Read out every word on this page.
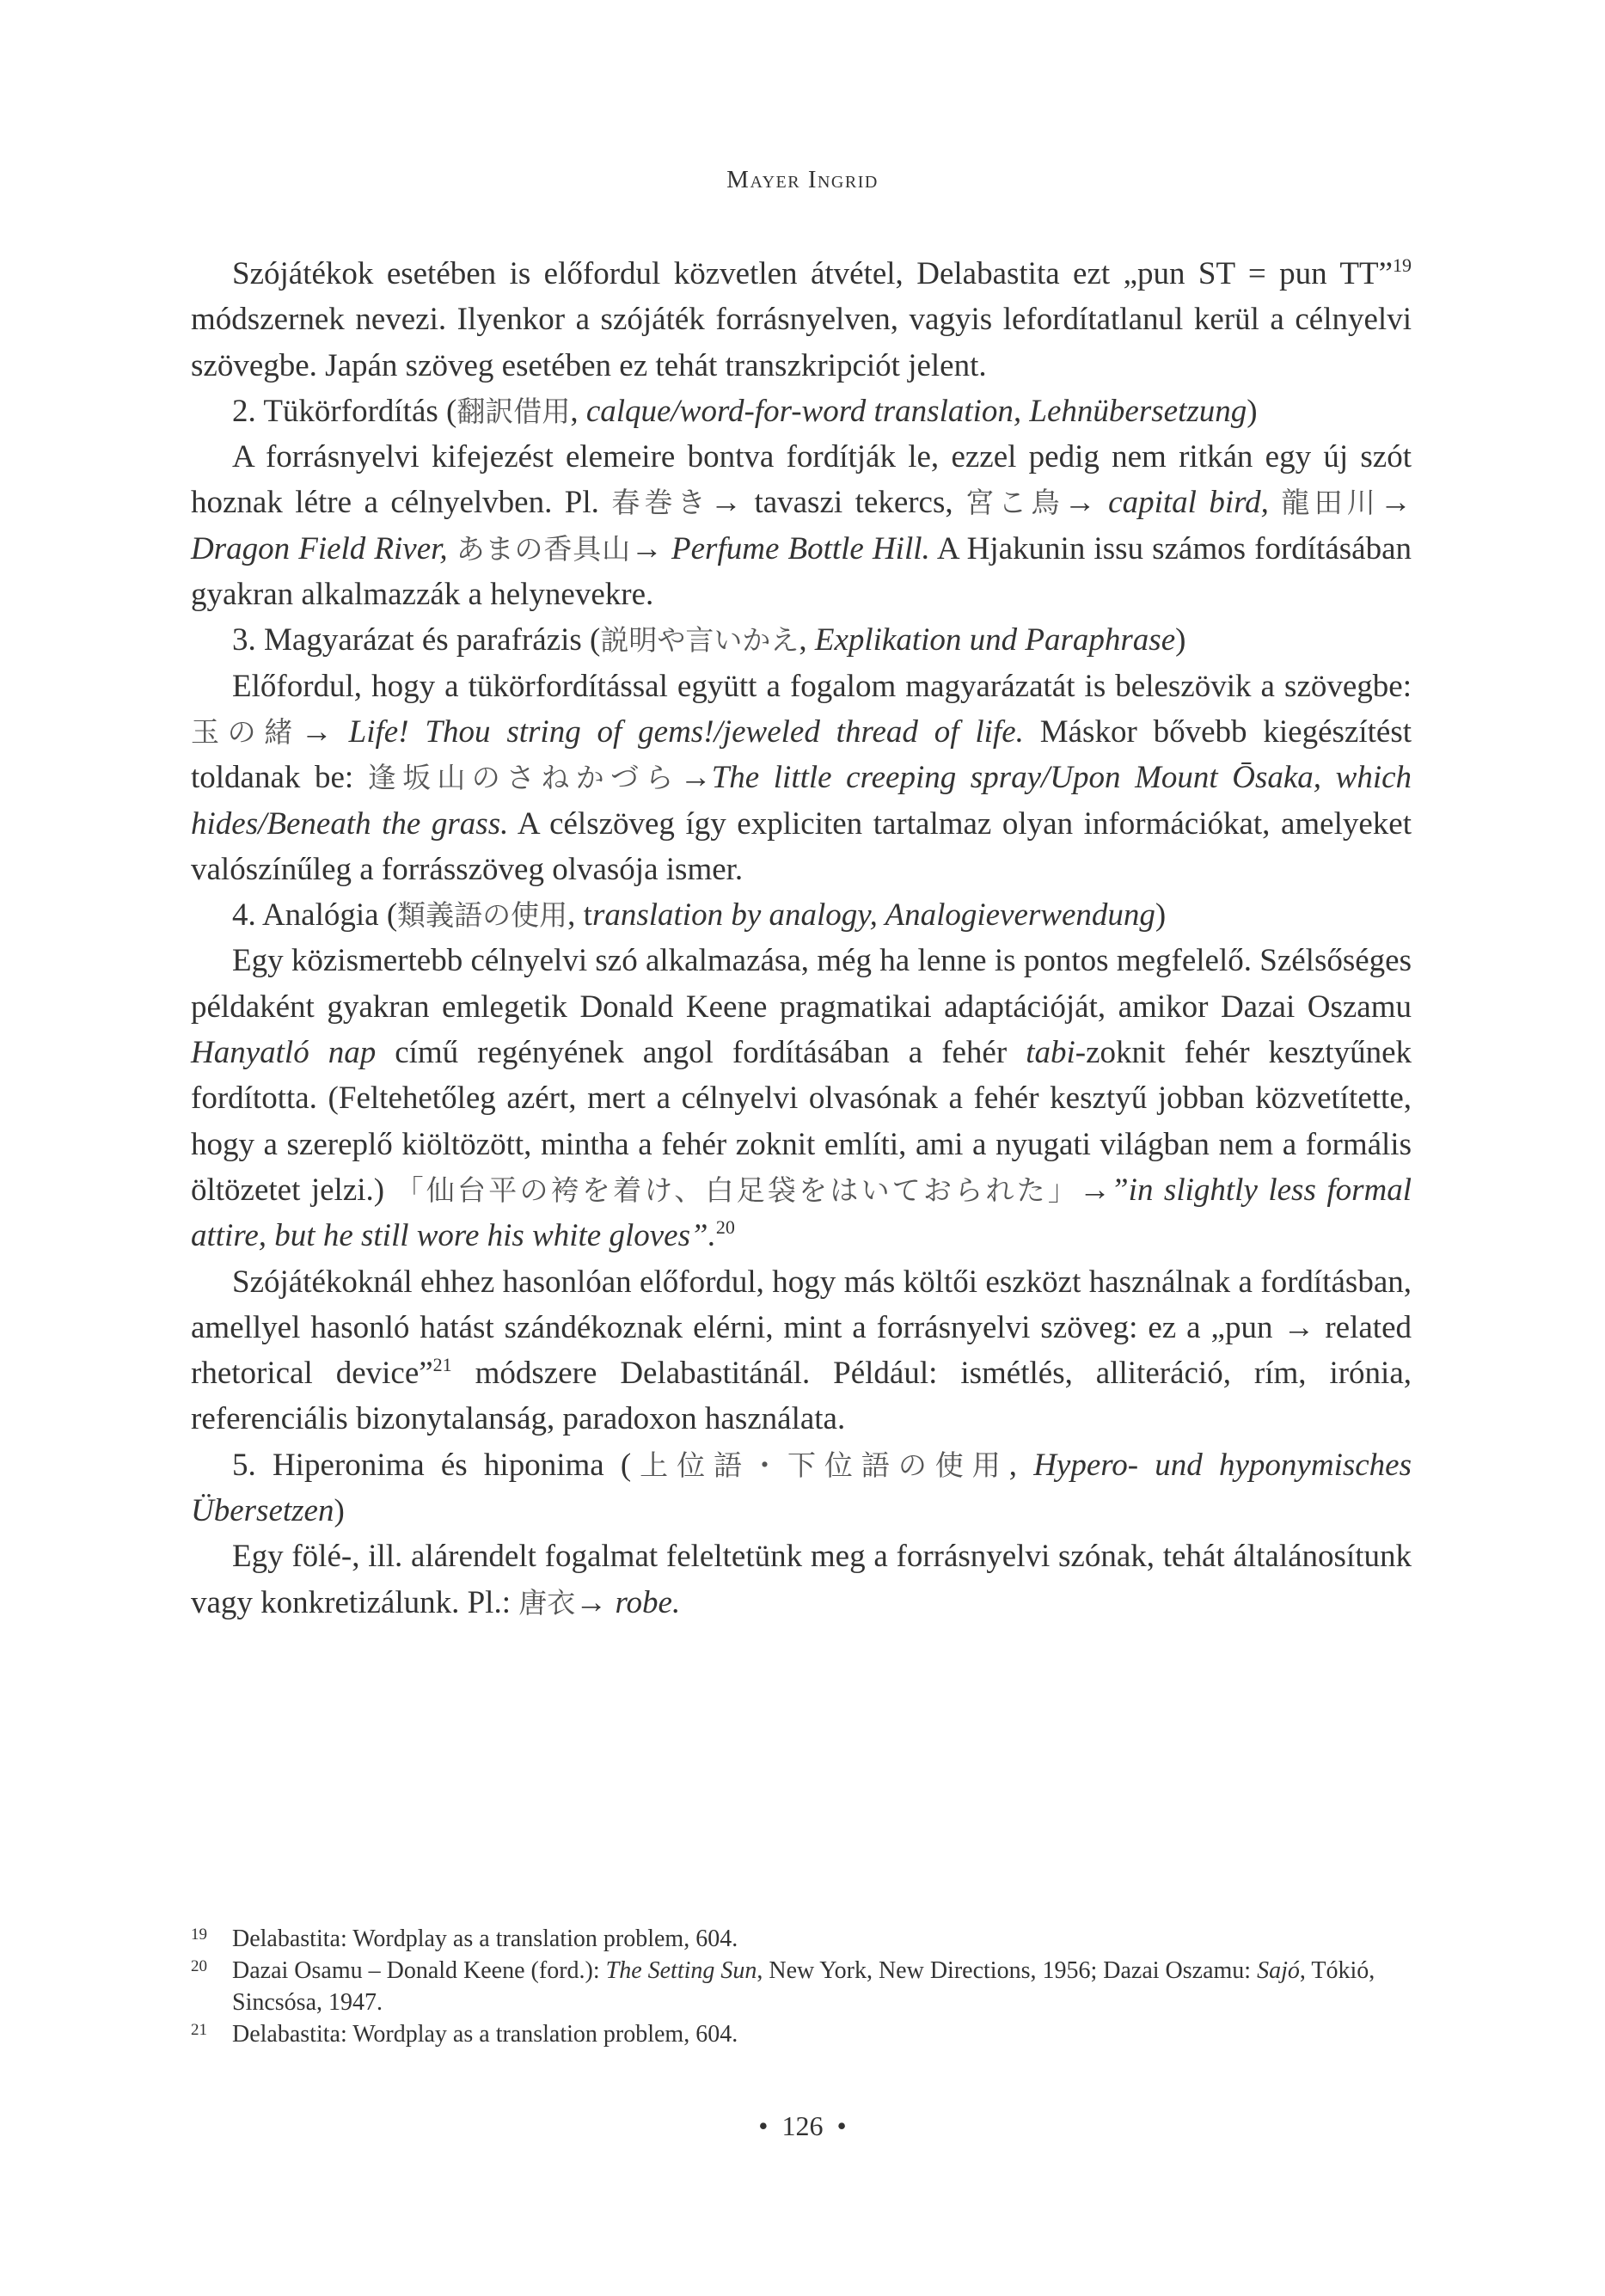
Mayer Ingrid

Szójátékok esetében is előfordul közvetlen átvétel, Delabastita ezt „pun ST = pun TT”$^{19}$ módszernek nevezi. Ilyenkor a szójáték forrásnyelven, vagyis lefordítatlanul kerül a célnyelvi szövegbe. Japán szöveg esetében ez tehát transzkripciót jelent.

2. Tükörfordítás (翻訳借用, calque/word-for-word translation, Lehnübersetzung)

A forrásnyelvi kifejezést elemeire bontva fordítják le, ezzel pedig nem ritkán egy új szót hoznak létre a célnyelvben. Pl. 春巻き→ tavaszi tekercs, 宮こ鳥→ capital bird, 龍田川→ Dragon Field River, あまの香具山→ Perfume Bottle Hill. A Hjakunin issu számos fordításában gyakran alkalmazzák a helynevekre.

3. Magyarázat és parafrázis (説明や言いかえ, Explikation und Paraphrase)

Előfordul, hogy a tükörfordítással együtt a fogalom magyarázatát is beleszövik a szövegbe: 玉の緒→ Life! Thou string of gems!/jeweled thread of life. Máskor bővebb kiegészítést toldanak be: 逢坂山のさねかづら→The little creeping spray/Upon Mount Ōsaka, which hides/Beneath the grass. A célszöveg így expliciten tartalmaz olyan információkat, amelyeket valószínűleg a forrásszöveg olvasója ismer.

4. Analógia (類義語の使用, translation by analogy, Analogieverwendung)

Egy közismertebb célnyelvi szó alkalmazása, még ha lenne is pontos megfelelő. Szélsőséges példaként gyakran emlegetik Donald Keene pragmatikai adaptációját, amikor Dazai Oszamu Hanyatló nap című regényének angol fordításában a fehér tabi-zoknit fehér kesztyűnek fordította. (Feltehetőleg azért, mert a célnyelvi olvasónak a fehér kesztyű jobban közvetítette, hogy a szereplő kiöltözött, mintha a fehér zoknit említi, ami a nyugati világban nem a formális öltözetet jelzi.) 「仙台平の袴を着け、白足袋をはいておられた」→”in slightly less formal attire, but he still wore his white gloves”.$^{20}$

Szójátékoknál ehhez hasonlóan előfordul, hogy más költői eszközt használnak a fordításban, amellyel hasonló hatást szándékoznak elérni, mint a forrásnyelvi szöveg: ez a „pun → related rhetorical device”$^{21}$ módszere Delabastitánál. Például: ismétlés, alliteráció, rím, irónia, referenciális bizonytalanság, paradoxon használata.

5. Hiperonima és hiponima (上位語・下位語の使用, Hypero- und hyponymisches Übersetzen)

Egy fölé-, ill. alárendelt fogalmat feleltetünk meg a forrásnyelvi szónak, tehát általánosítunk vagy konkretizálunk. Pl.: 唐衣→ robe.

19	Delabastita: Wordplay as a translation problem, 604.
20	Dazai Osamu – Donald Keene (ford.): The Setting Sun, New York, New Directions, 1956; Dazai Oszamu: Sajó, Tókió, Sincsósa, 1947.
21	Delabastita: Wordplay as a translation problem, 604.
• 126 •
